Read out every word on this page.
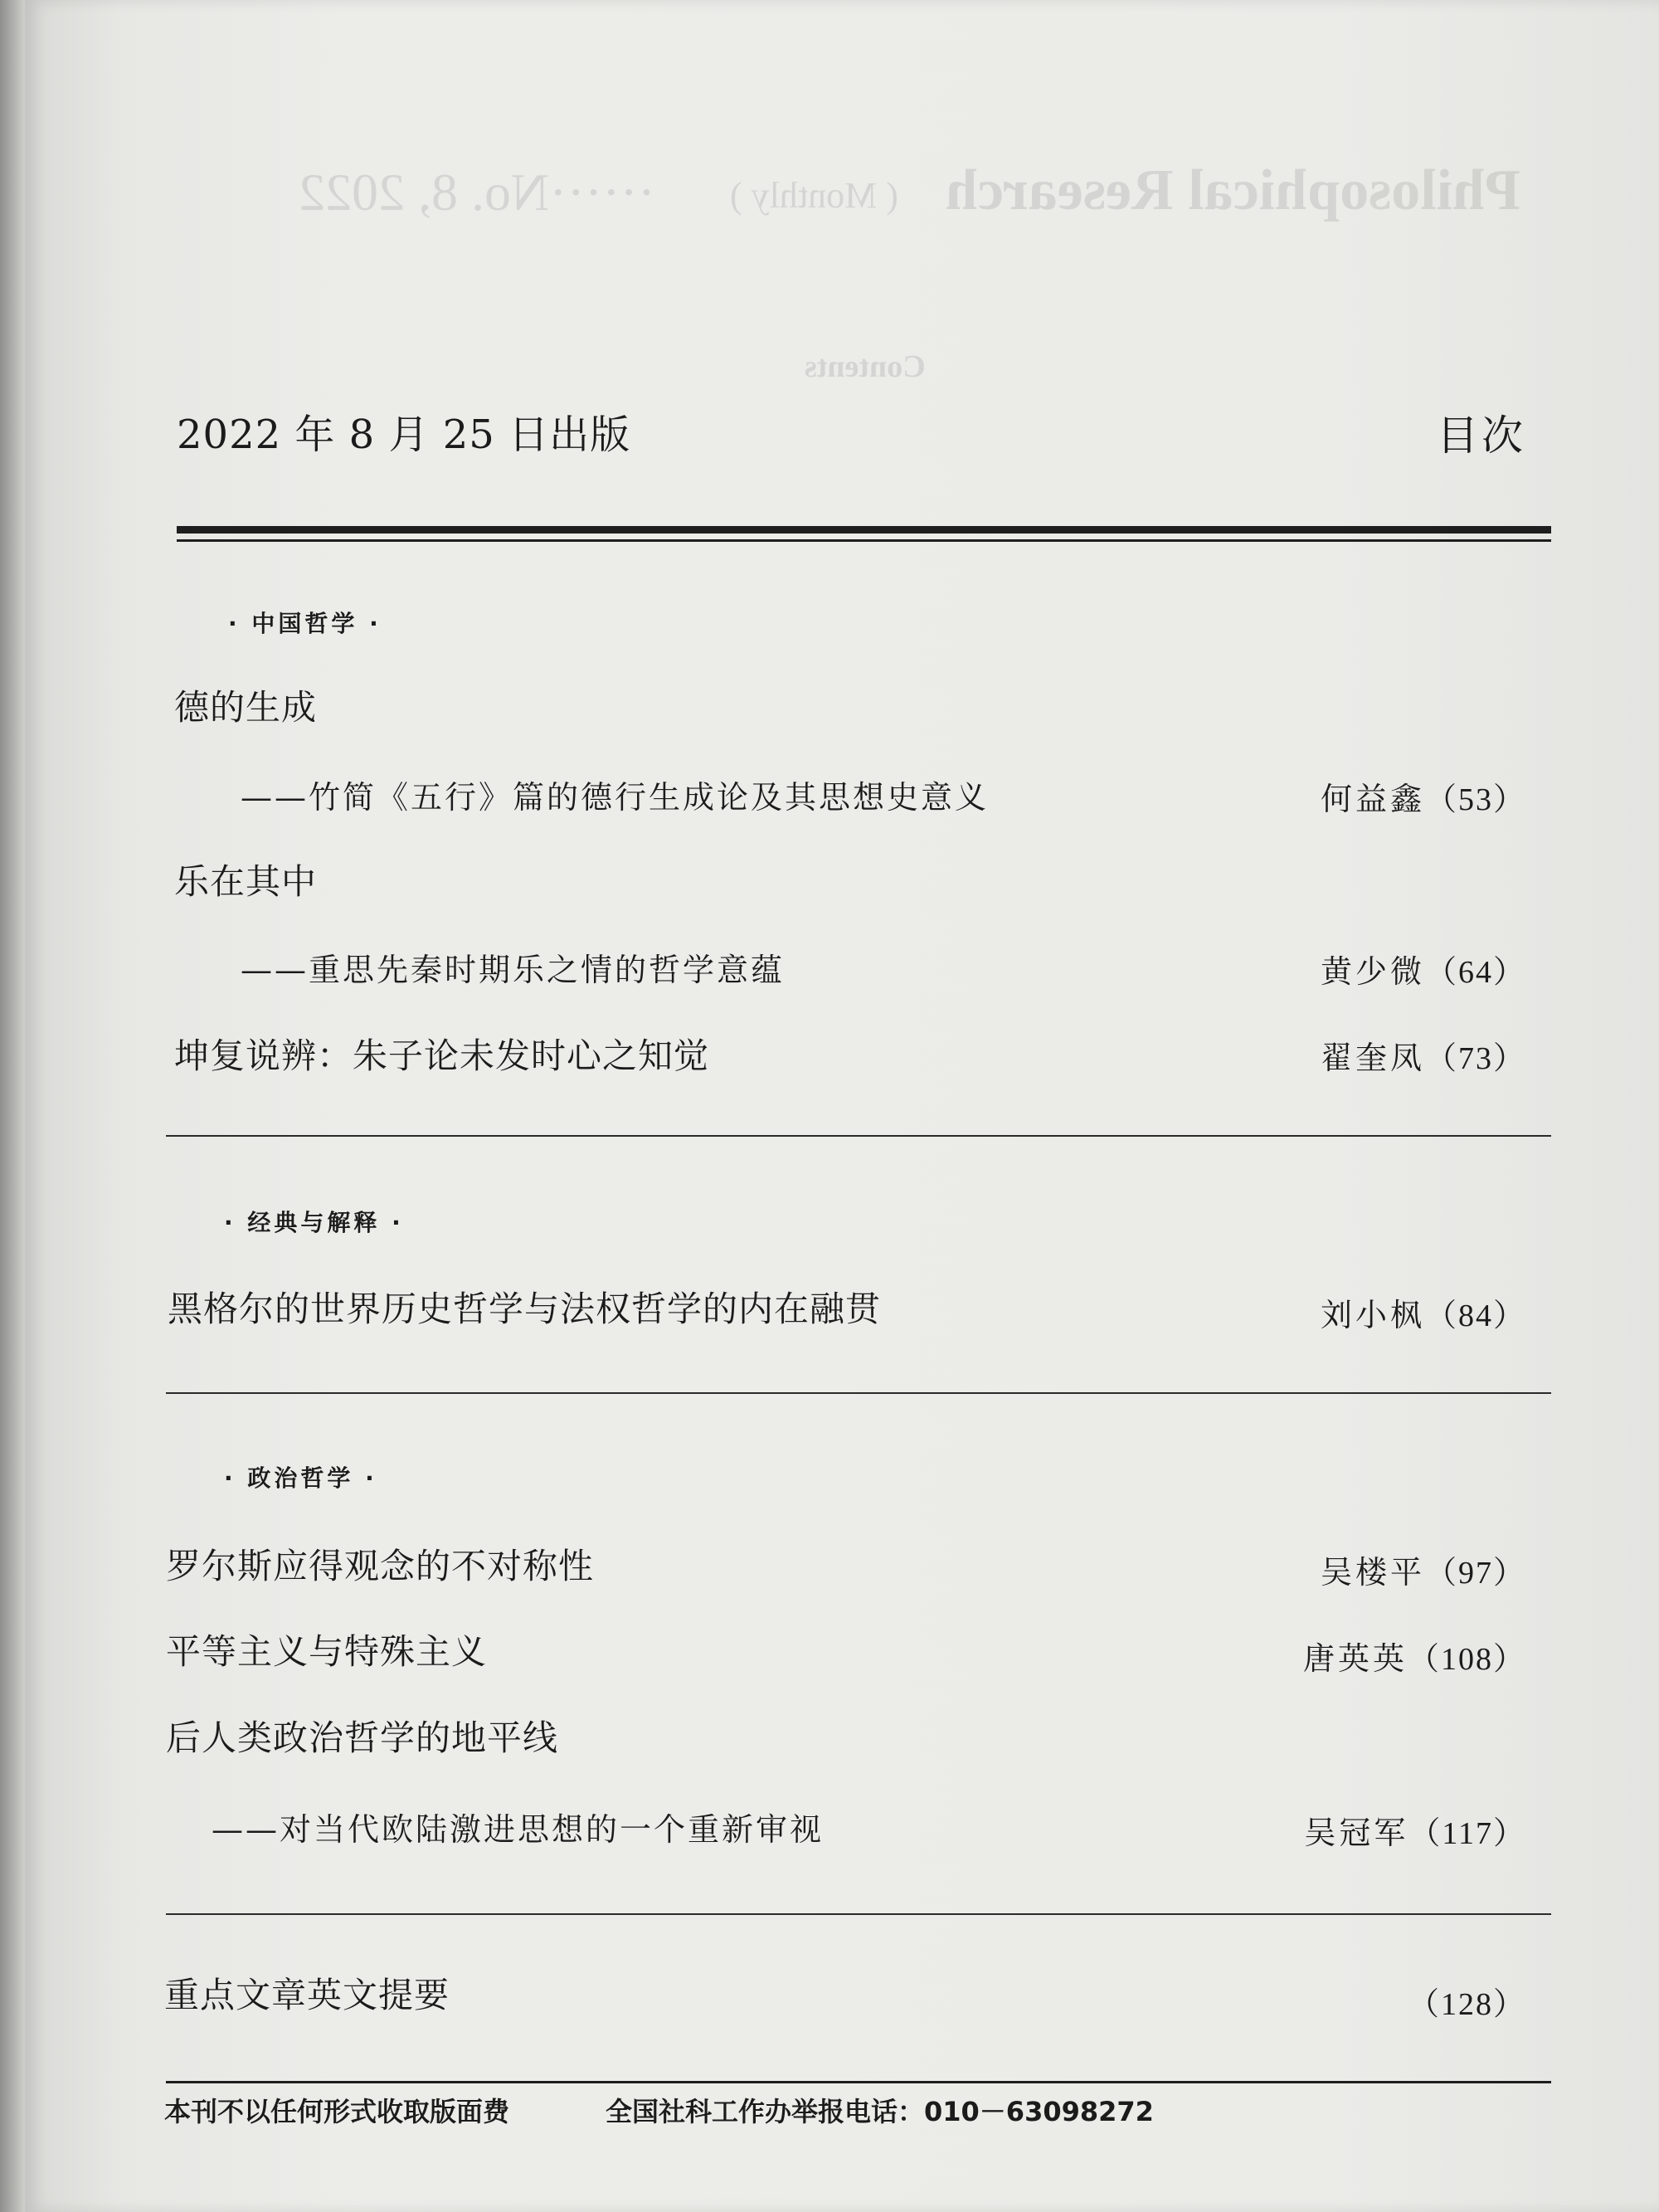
Philosophical Research
( Monthly )
······No. 8, 2022
Contents
2022 年 8 月 25 日出版	目次
· 中国哲学 ·
德的生成
——竹简《五行》篇的德行生成论及其思想史意义	何益鑫（53）
乐在其中
——重思先秦时期乐之情的哲学意蕴	黄少微（64）
坤复说辨：朱子论未发时心之知觉	翟奎凤（73）
· 经典与解释 ·
黑格尔的世界历史哲学与法权哲学的内在融贯	刘小枫（84）
· 政治哲学 ·
罗尔斯应得观念的不对称性	吴楼平（97）
平等主义与特殊主义	唐英英（108）
后人类政治哲学的地平线
——对当代欧陆激进思想的一个重新审视	吴冠军（117）
重点文章英文提要	（128）
本刊不以任何形式收取版面费	全国社科工作办举报电话：010－63098272
